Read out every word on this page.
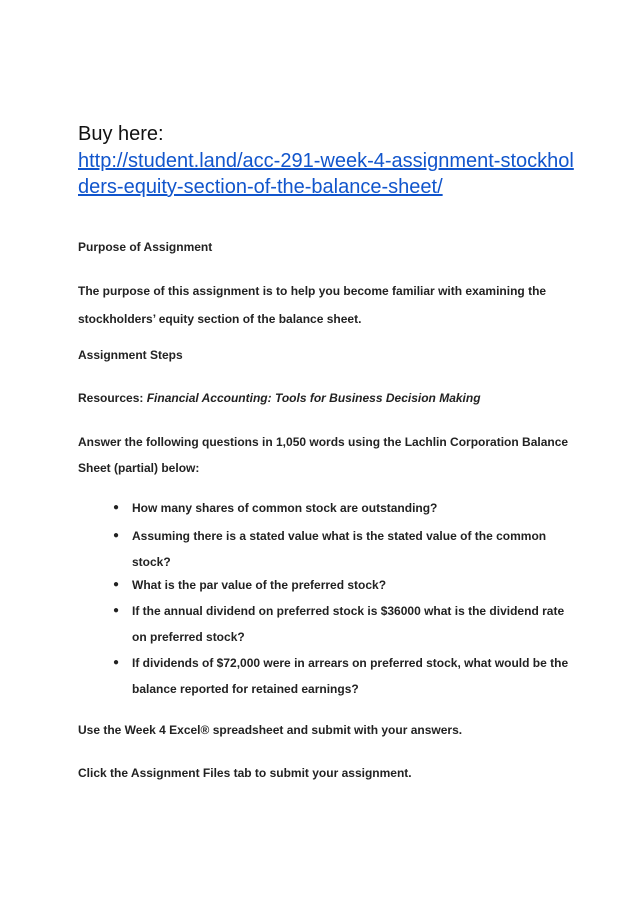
Buy here:
http://student.land/acc-291-week-4-assignment-stockhol
ders-equity-section-of-the-balance-sheet/
Purpose of Assignment
The purpose of this assignment is to help you become familiar with examining the
stockholders’ equity section of the balance sheet.
Assignment Steps
Resources: Financial Accounting: Tools for Business Decision Making
Answer the following questions in 1,050 words using the Lachlin Corporation Balance
Sheet (partial) below:
● How many shares of common stock are outstanding?
● Assuming there is a stated value what is the stated value of the common
stock?
● What is the par value of the preferred stock?
● If the annual dividend on preferred stock is $36000 what is the dividend rate
on preferred stock?
● If dividends of $72,000 were in arrears on preferred stock, what would be the
balance reported for retained earnings?
Use the Week 4 Excel® spreadsheet and submit with your answers.
Click the Assignment Files tab to submit your assignment.
